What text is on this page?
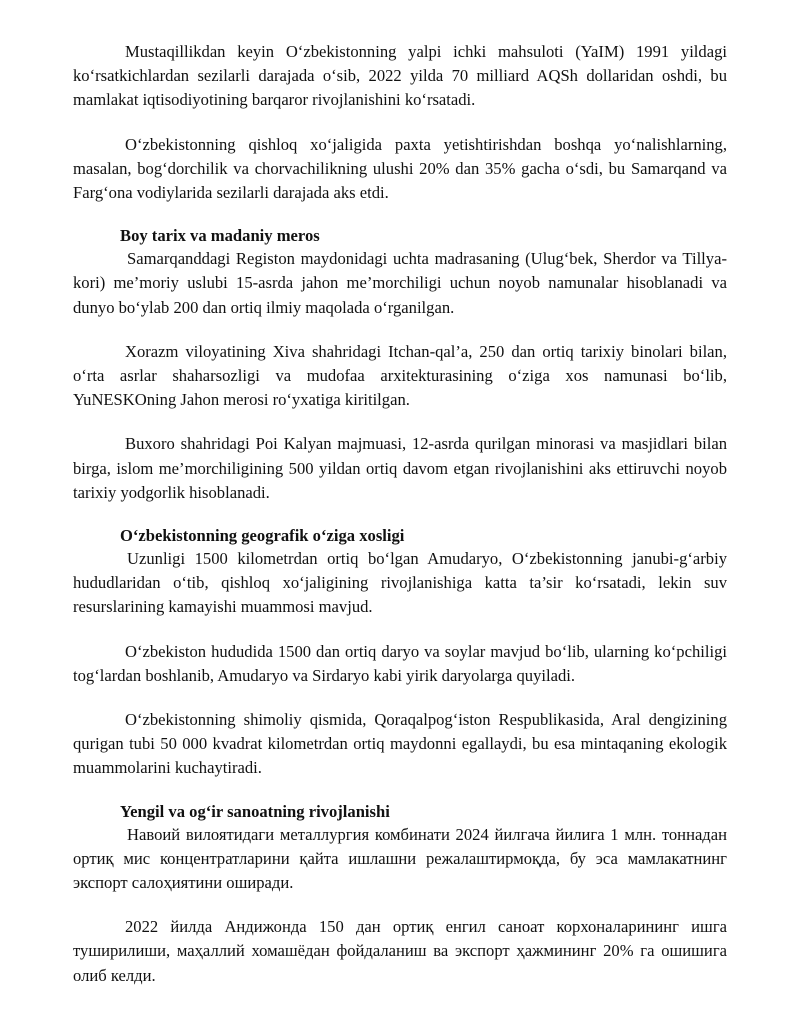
Mustaqillikdan keyin O‘zbekistonning yalpi ichki mahsuloti (YaIM) 1991 yildagi ko‘rsatkichlardan sezilarli darajada o‘sib, 2022 yilda 70 milliard AQSh dollaridan oshdi, bu mamlakat iqtisodiyotining barqaror rivojlanishini ko‘rsatadi.

O‘zbekistonning qishloq xo‘jaligida paxta yetishtirishdan boshqa yo‘nalishlarning, masalan, bog‘dorchilik va chorvachilikning ulushi 20% dan 35% gacha o‘sdi, bu Samarqand va Farg‘ona vodiylarida sezilarli darajada aks etdi.

Boy tarix va madaniy meros

Samarqanddagi Registon maydonidagi uchta madrasaning (Ulug‘bek, Sherdor va Tillya-kori) me’moriy uslubi 15-asrda jahon me’morchiligi uchun noyob namunalar hisoblanadi va dunyo bo‘ylab 200 dan ortiq ilmiy maqolada o‘rganilgan.

Xorazm viloyatining Xiva shahridagi Itchan-qal’a, 250 dan ortiq tarixiy binolari bilan, o‘rta asrlar shaharsozligi va mudofaa arxitekturasining o‘ziga xos namunasi bo‘lib, YuNESKOning Jahon merosi ro‘yxatiga kiritilgan.

Buxoro shahridagi Poi Kalyan majmuasi, 12-asrda qurilgan minorasi va masjidlari bilan birga, islom me’morchiligining 500 yildan ortiq davom etgan rivojlanishini aks ettiruvchi noyob tarixiy yodgorlik hisoblanadi.

O‘zbekistonning geografik o‘ziga xosligi

Uzunligi 1500 kilometrdan ortiq bo‘lgan Amudaryo, O‘zbekistonning janubi-g‘arbiy hududlaridan o‘tib, qishloq xo‘jaligining rivojlanishiga katta ta’sir ko‘rsatadi, lekin suv resurslarining kamayishi muammosi mavjud.

O‘zbekiston hududida 1500 dan ortiq daryo va soylar mavjud bo‘lib, ularning ko‘pchiligi tog‘lardan boshlanib, Amudaryo va Sirdaryo kabi yirik daryolarga quyiladi.

O‘zbekistonning shimoliy qismida, Qoraqalpog‘iston Respublikasida, Aral dengizining qurigan tubi 50 000 kvadrat kilometrdan ortiq maydonni egallaydi, bu esa mintaqaning ekologik muammolarini kuchaytiradi.

Yengil va og‘ir sanoatning rivojlanishi

Навоий вилоятидаги металлургия комбинати 2024 йилгача йилига 1 млн. тоннадан ортиқ мис концентратларини қайта ишлашни режалаштирмоқда, бу эса мамлакатнинг экспорт салоҳиятини оширади.

2022 йилда Андижонда 150 дан ортиқ енгил саноат корхоналарининг ишга туширилиши, маҳаллий хомашёдан фойдаланиш ва экспорт ҳажмининг 20% га ошишига олиб келди.
